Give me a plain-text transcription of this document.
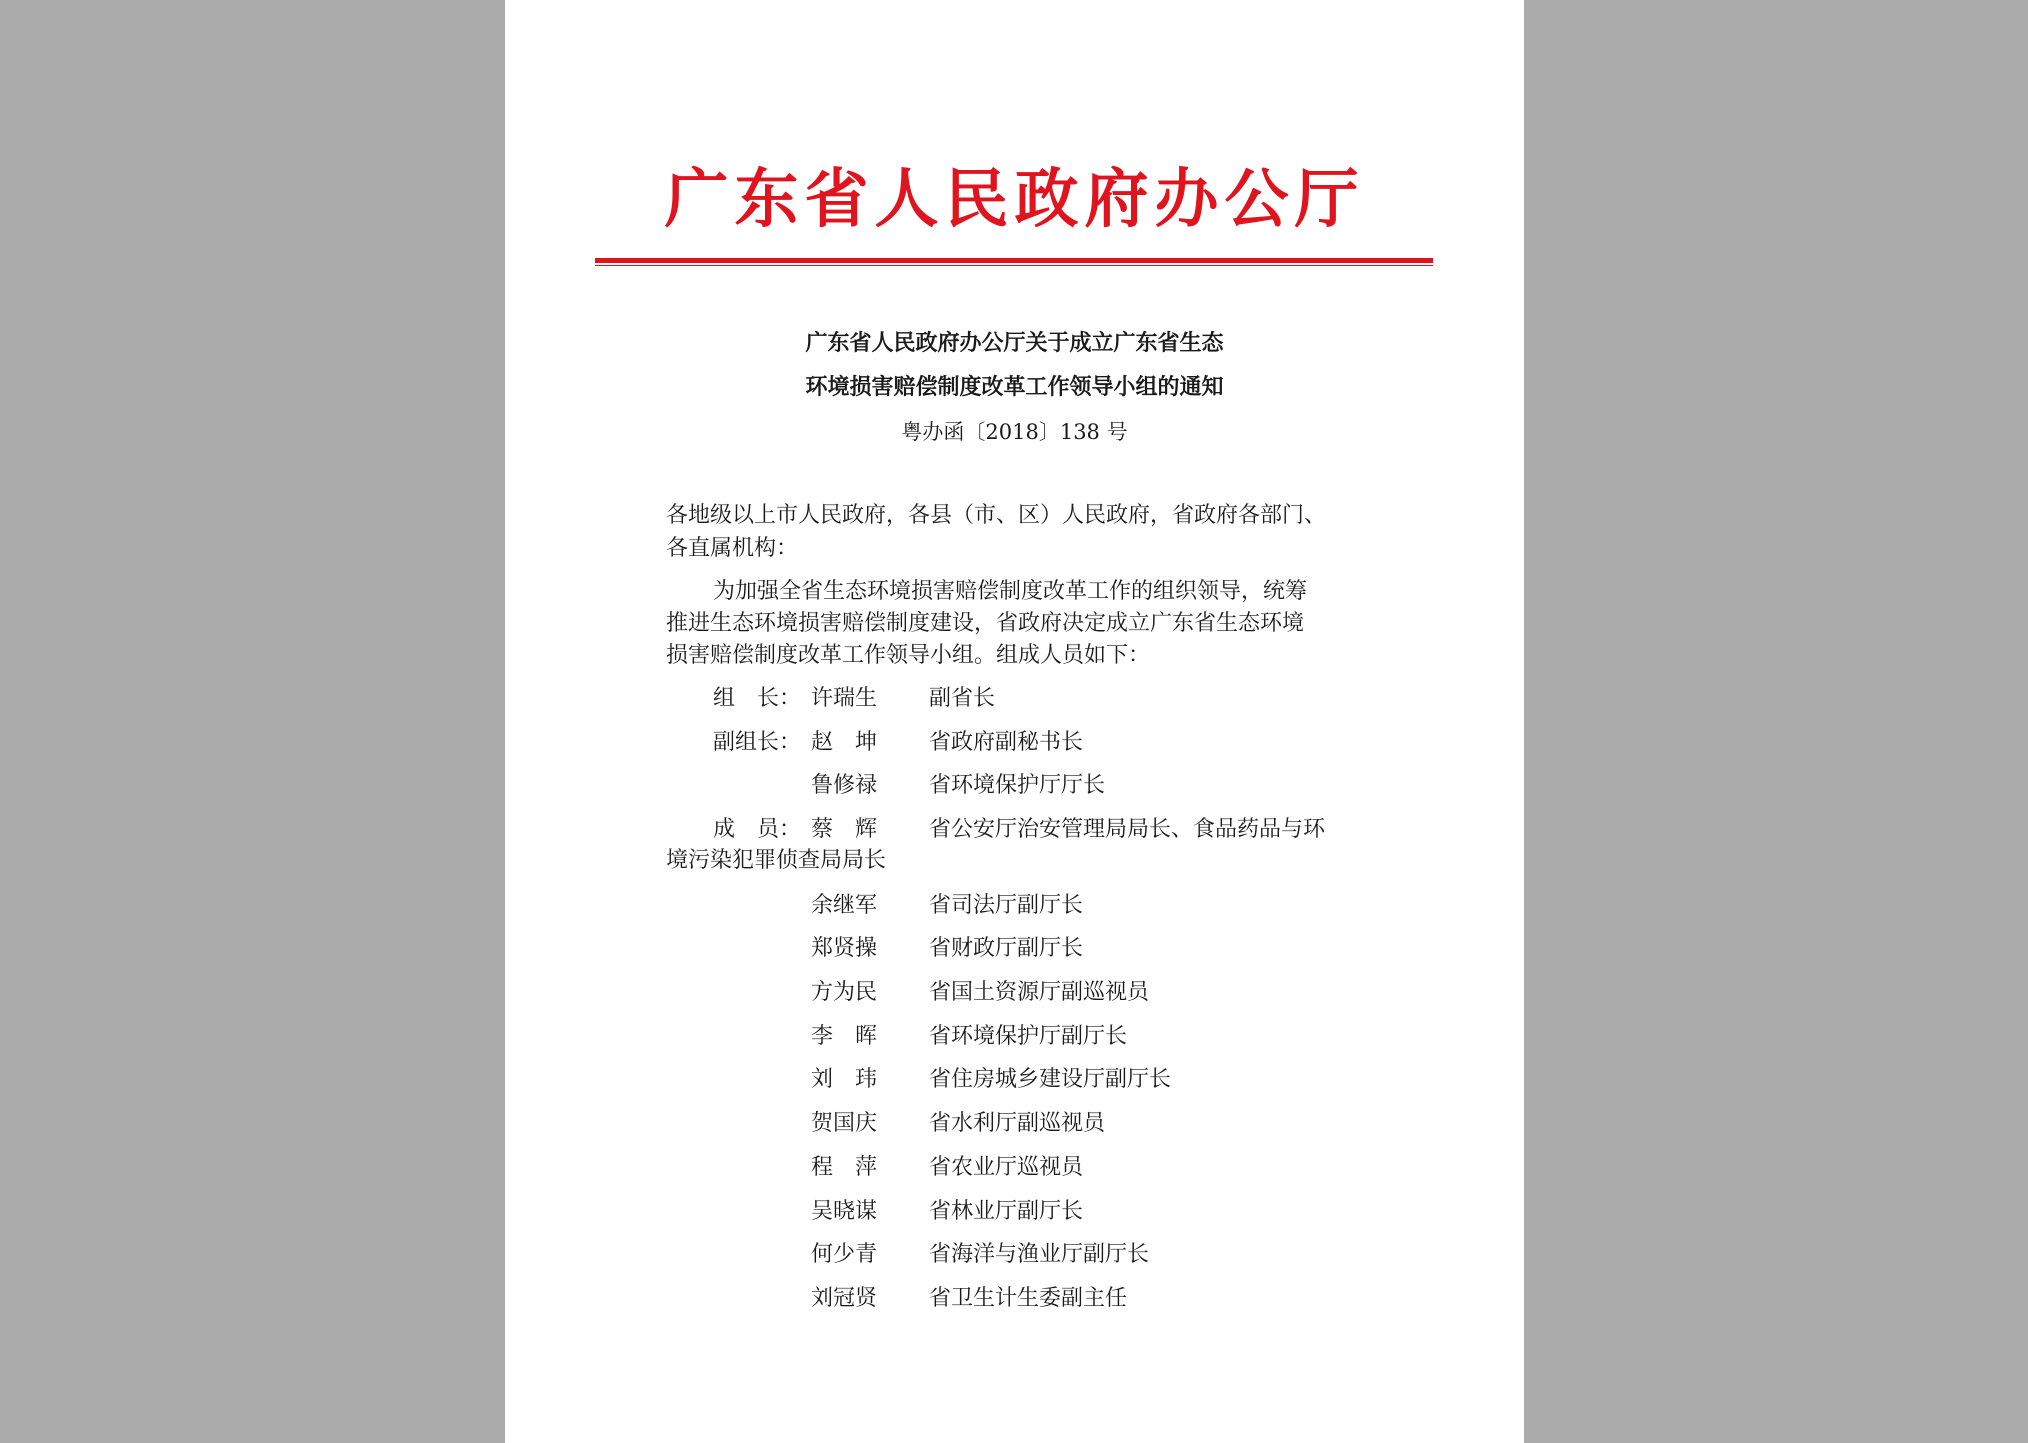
广东省人民政府办公厅
广东省人民政府办公厅关于成立广东省生态
环境损害赔偿制度改革工作领导小组的通知
粤办函〔2018〕138 号
各地级以上市人民政府，各县（市、区）人民政府，省政府各部门、
各直属机构：
为加强全省生态环境损害赔偿制度改革工作的组织领导，统筹
推进生态环境损害赔偿制度建设，省政府决定成立广东省生态环境
损害赔偿制度改革工作领导小组。组成人员如下：
组　长： 许瑞生 副省长
副组长： 赵　坤 省政府副秘书长
鲁修禄 省环境保护厅厅长
成　员： 蔡　辉 省公安厅治安管理局局长、食品药品与环
境污染犯罪侦查局局长
余继军 省司法厅副厅长
郑贤操 省财政厅副厅长
方为民 省国土资源厅副巡视员
李　晖 省环境保护厅副厅长
刘　玮 省住房城乡建设厅副厅长
贺国庆 省水利厅副巡视员
程　萍 省农业厅巡视员
吴晓谋 省林业厅副厅长
何少青 省海洋与渔业厅副厅长
刘冠贤 省卫生计生委副主任
